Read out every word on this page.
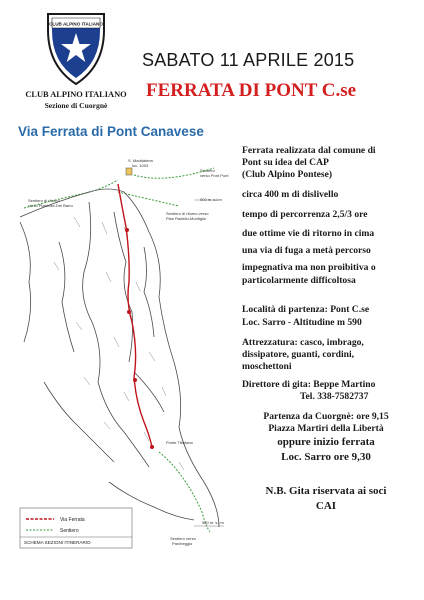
CLUB ALPINO ITALIANO
CLUB ALPINO ITALIANO
Sezione di Cuorgnè
SABATO 11 APRILE 2015
FERRATA DI PONT C.se
Via Ferrata di Pont Canavese
S. Maddalena
loc. 1003
Sentiero
verso Pont Pont
Sentiero di ritorno
verso Pianrose-Del Barro
900 m. s.l.m
Sentiero di ritorno verso
Pian Radello-Montiglio
Ponte Tibetano
580 m. s.l.m
Sentiero verso
Parcheggio
Via Ferrata
Sentiero
SCHEMA SEZIONI ITINERARIO
Ferrata realizzata dal comune di
Pont su idea del CAP
(Club Alpino Pontese)
circa 400 m di dislivello
tempo di percorrenza 2,5/3 ore
due ottime vie di ritorno in cima
una via di fuga a metà percorso
impegnativa ma non proibitiva o
particolarmente difficoltosa
Località di partenza: Pont C.se
Loc. Sarro - Altitudine m 590
Attrezzatura: casco, imbrago,
dissipatore, guanti, cordini,
moschettoni
Direttore di gita: Beppe Martino
Tel. 338-7582737
Partenza da Cuorgnè: ore 9,15
Piazza Martiri della Libertà
oppure inizio ferrata
Loc. Sarro ore 9,30
N.B. Gita riservata ai soci
CAI
